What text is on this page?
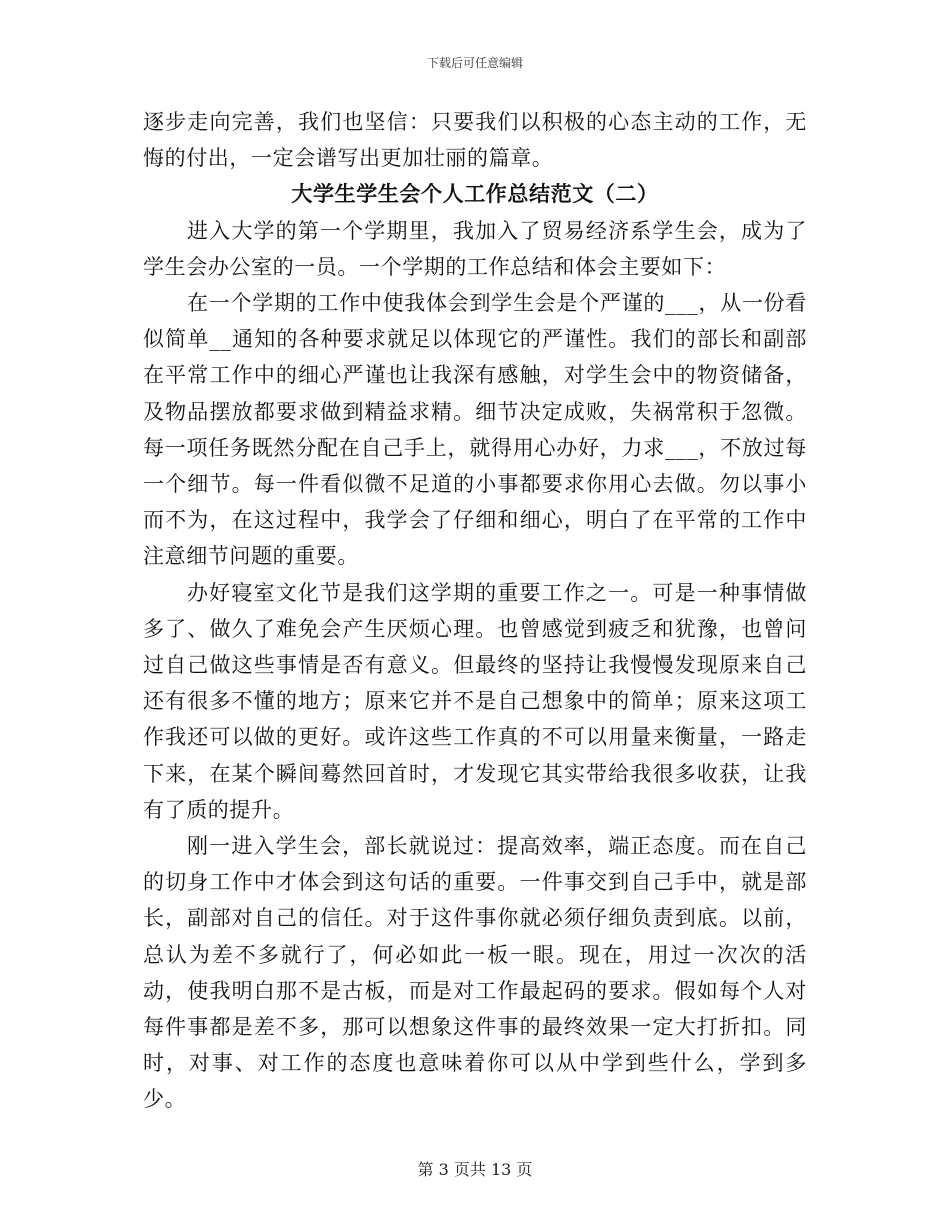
下载后可任意编辑

逐步走向完善，我们也坚信：只要我们以积极的心态主动的工作，无悔的付出，一定会谱写出更加壮丽的篇章。

大学生学生会个人工作总结范文（二）

进入大学的第一个学期里，我加入了贸易经济系学生会，成为了学生会办公室的一员。一个学期的工作总结和体会主要如下：

在一个学期的工作中使我体会到学生会是个严谨的___，从一份看似简单__通知的各种要求就足以体现它的严谨性。我们的部长和副部在平常工作中的细心严谨也让我深有感触，对学生会中的物资储备，及物品摆放都要求做到精益求精。细节决定成败，失祸常积于忽微。每一项任务既然分配在自己手上，就得用心办好，力求___，不放过每一个细节。每一件看似微不足道的小事都要求你用心去做。勿以事小而不为，在这过程中，我学会了仔细和细心，明白了在平常的工作中注意细节问题的重要。

办好寝室文化节是我们这学期的重要工作之一。可是一种事情做多了、做久了难免会产生厌烦心理。也曾感觉到疲乏和犹豫，也曾问过自己做这些事情是否有意义。但最终的坚持让我慢慢发现原来自己还有很多不懂的地方；原来它并不是自己想象中的简单；原来这项工作我还可以做的更好。或许这些工作真的不可以用量来衡量，一路走下来，在某个瞬间蓦然回首时，才发现它其实带给我很多收获，让我有了质的提升。

刚一进入学生会，部长就说过：提高效率，端正态度。而在自己的切身工作中才体会到这句话的重要。一件事交到自己手中，就是部长，副部对自己的信任。对于这件事你就必须仔细负责到底。以前，总认为差不多就行了，何必如此一板一眼。现在，用过一次次的活动，使我明白那不是古板，而是对工作最起码的要求。假如每个人对每件事都是差不多，那可以想象这件事的最终效果一定大打折扣。同时，对事、对工作的态度也意味着你可以从中学到些什么，学到多少。

第 3 页共 13 页
